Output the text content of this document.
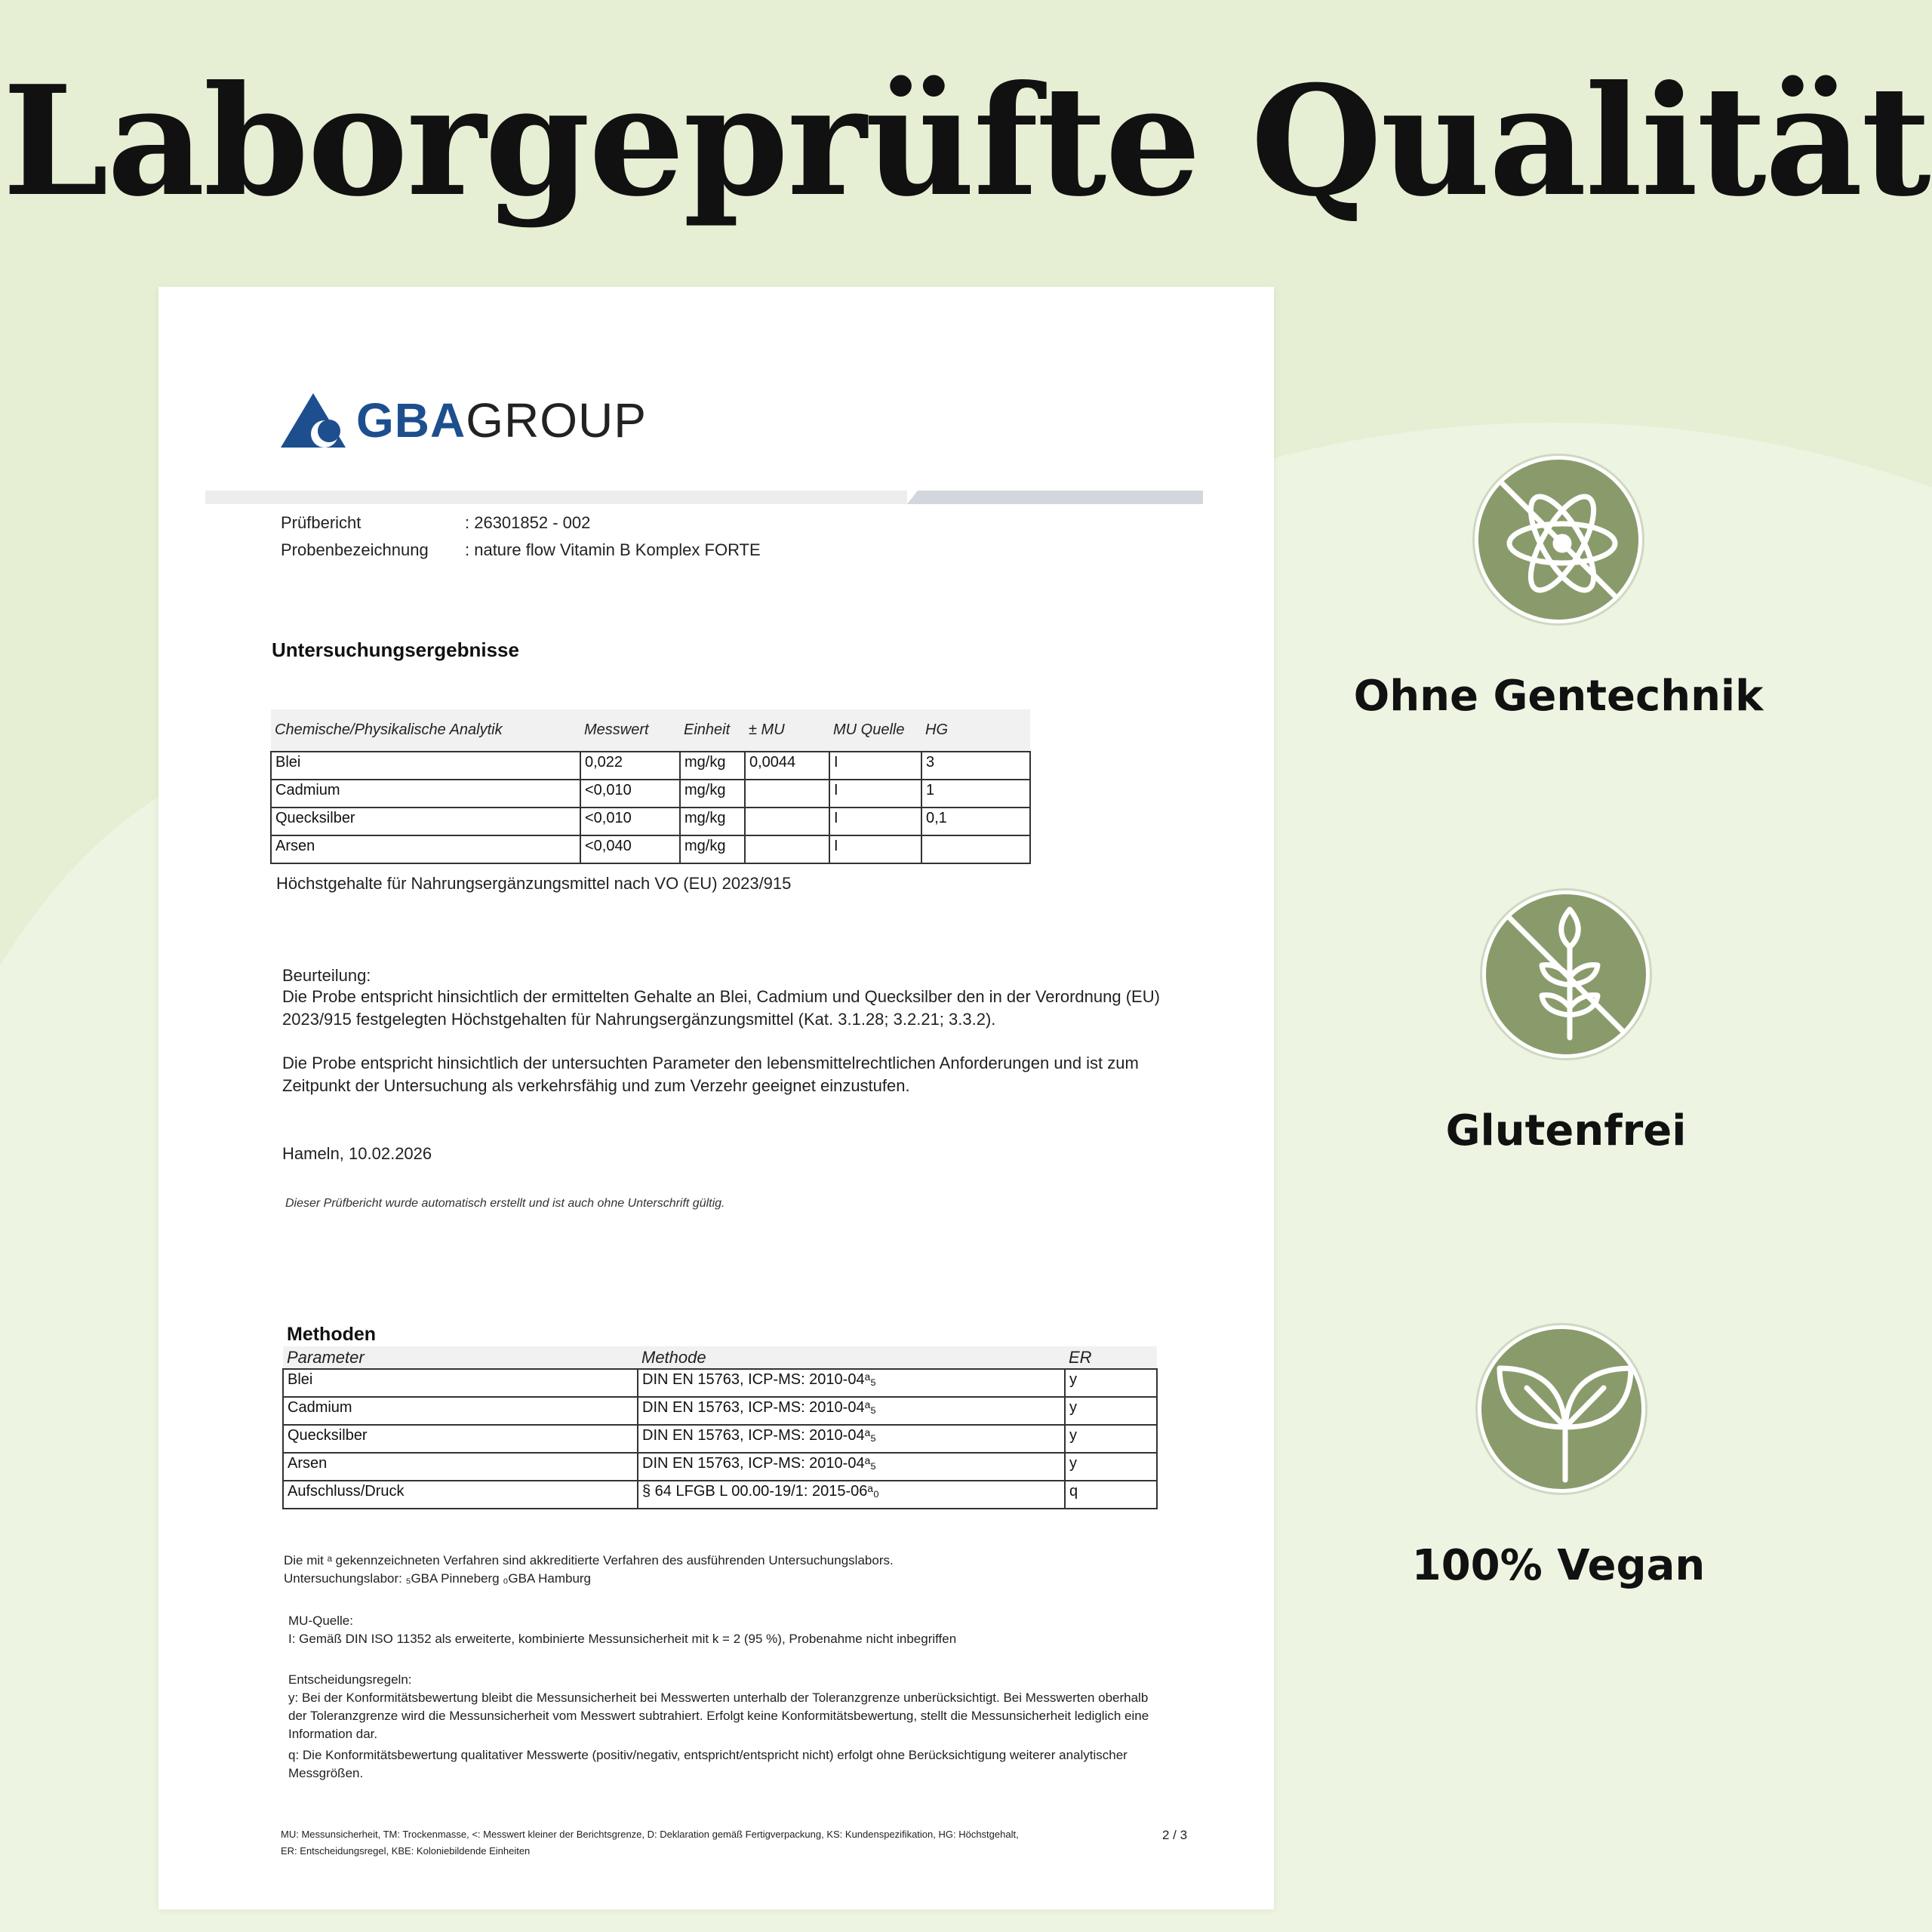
Laborgeprüfte Qualität
GBA GROUP
Prüfbericht	: 26301852 - 002
Probenbezeichnung : nature flow Vitamin B Komplex FORTE
Untersuchungsergebnisse
Chemische/Physikalische Analytik	Messwert	Einheit	± MU	MU Quelle	HG
Blei	0,022	mg/kg	0,0044	I	3
Cadmium	<0,010	mg/kg		I	1
Quecksilber	<0,010	mg/kg		I	0,1
Arsen	<0,040	mg/kg		I	
Höchstgehalte für Nahrungsergänzungsmittel nach VO (EU) 2023/915
Beurteilung:
Die Probe entspricht hinsichtlich der ermittelten Gehalte an Blei, Cadmium und Quecksilber den in der Verordnung (EU) 2023/915 festgelegten Höchstgehalten für Nahrungsergänzungsmittel (Kat. 3.1.28; 3.2.21; 3.3.2).
Die Probe entspricht hinsichtlich der untersuchten Parameter den lebensmittelrechtlichen Anforderungen und ist zum Zeitpunkt der Untersuchung als verkehrsfähig und zum Verzehr geeignet einzustufen.
Hameln, 10.02.2026
Dieser Prüfbericht wurde automatisch erstellt und ist auch ohne Unterschrift gültig.
Methoden
Parameter	Methode	ER
Blei	DIN EN 15763, ICP-MS: 2010-04ᵃ₅	y
Cadmium	DIN EN 15763, ICP-MS: 2010-04ᵃ₅	y
Quecksilber	DIN EN 15763, ICP-MS: 2010-04ᵃ₅	y
Arsen	DIN EN 15763, ICP-MS: 2010-04ᵃ₅	y
Aufschluss/Druck	§ 64 LFGB L 00.00-19/1: 2015-06ᵃ₀	q
Die mit ᵃ gekennzeichneten Verfahren sind akkreditierte Verfahren des ausführenden Untersuchungslabors.
Untersuchungslabor: ₅GBA Pinneberg ₀GBA Hamburg
MU-Quelle:
I: Gemäß DIN ISO 11352 als erweiterte, kombinierte Messunsicherheit mit k = 2 (95 %), Probenahme nicht inbegriffen
Entscheidungsregeln:
y: Bei der Konformitätsbewertung bleibt die Messunsicherheit bei Messwerten unterhalb der Toleranzgrenze unberücksichtigt. Bei Messwerten oberhalb der Toleranzgrenze wird die Messunsicherheit vom Messwert subtrahiert. Erfolgt keine Konformitätsbewertung, stellt die Messunsicherheit lediglich eine Information dar.
q: Die Konformitätsbewertung qualitativer Messwerte (positiv/negativ, entspricht/entspricht nicht) erfolgt ohne Berücksichtigung weiterer analytischer Messgrößen.
MU: Messunsicherheit, TM: Trockenmasse, <: Messwert kleiner der Berichtsgrenze, D: Deklaration gemäß Fertigverpackung, KS: Kundenspezifikation, HG: Höchstgehalt, ER: Entscheidungsregel, KBE: Koloniebildende Einheiten
2 / 3
Ohne Gentechnik
Glutenfrei
100% Vegan
